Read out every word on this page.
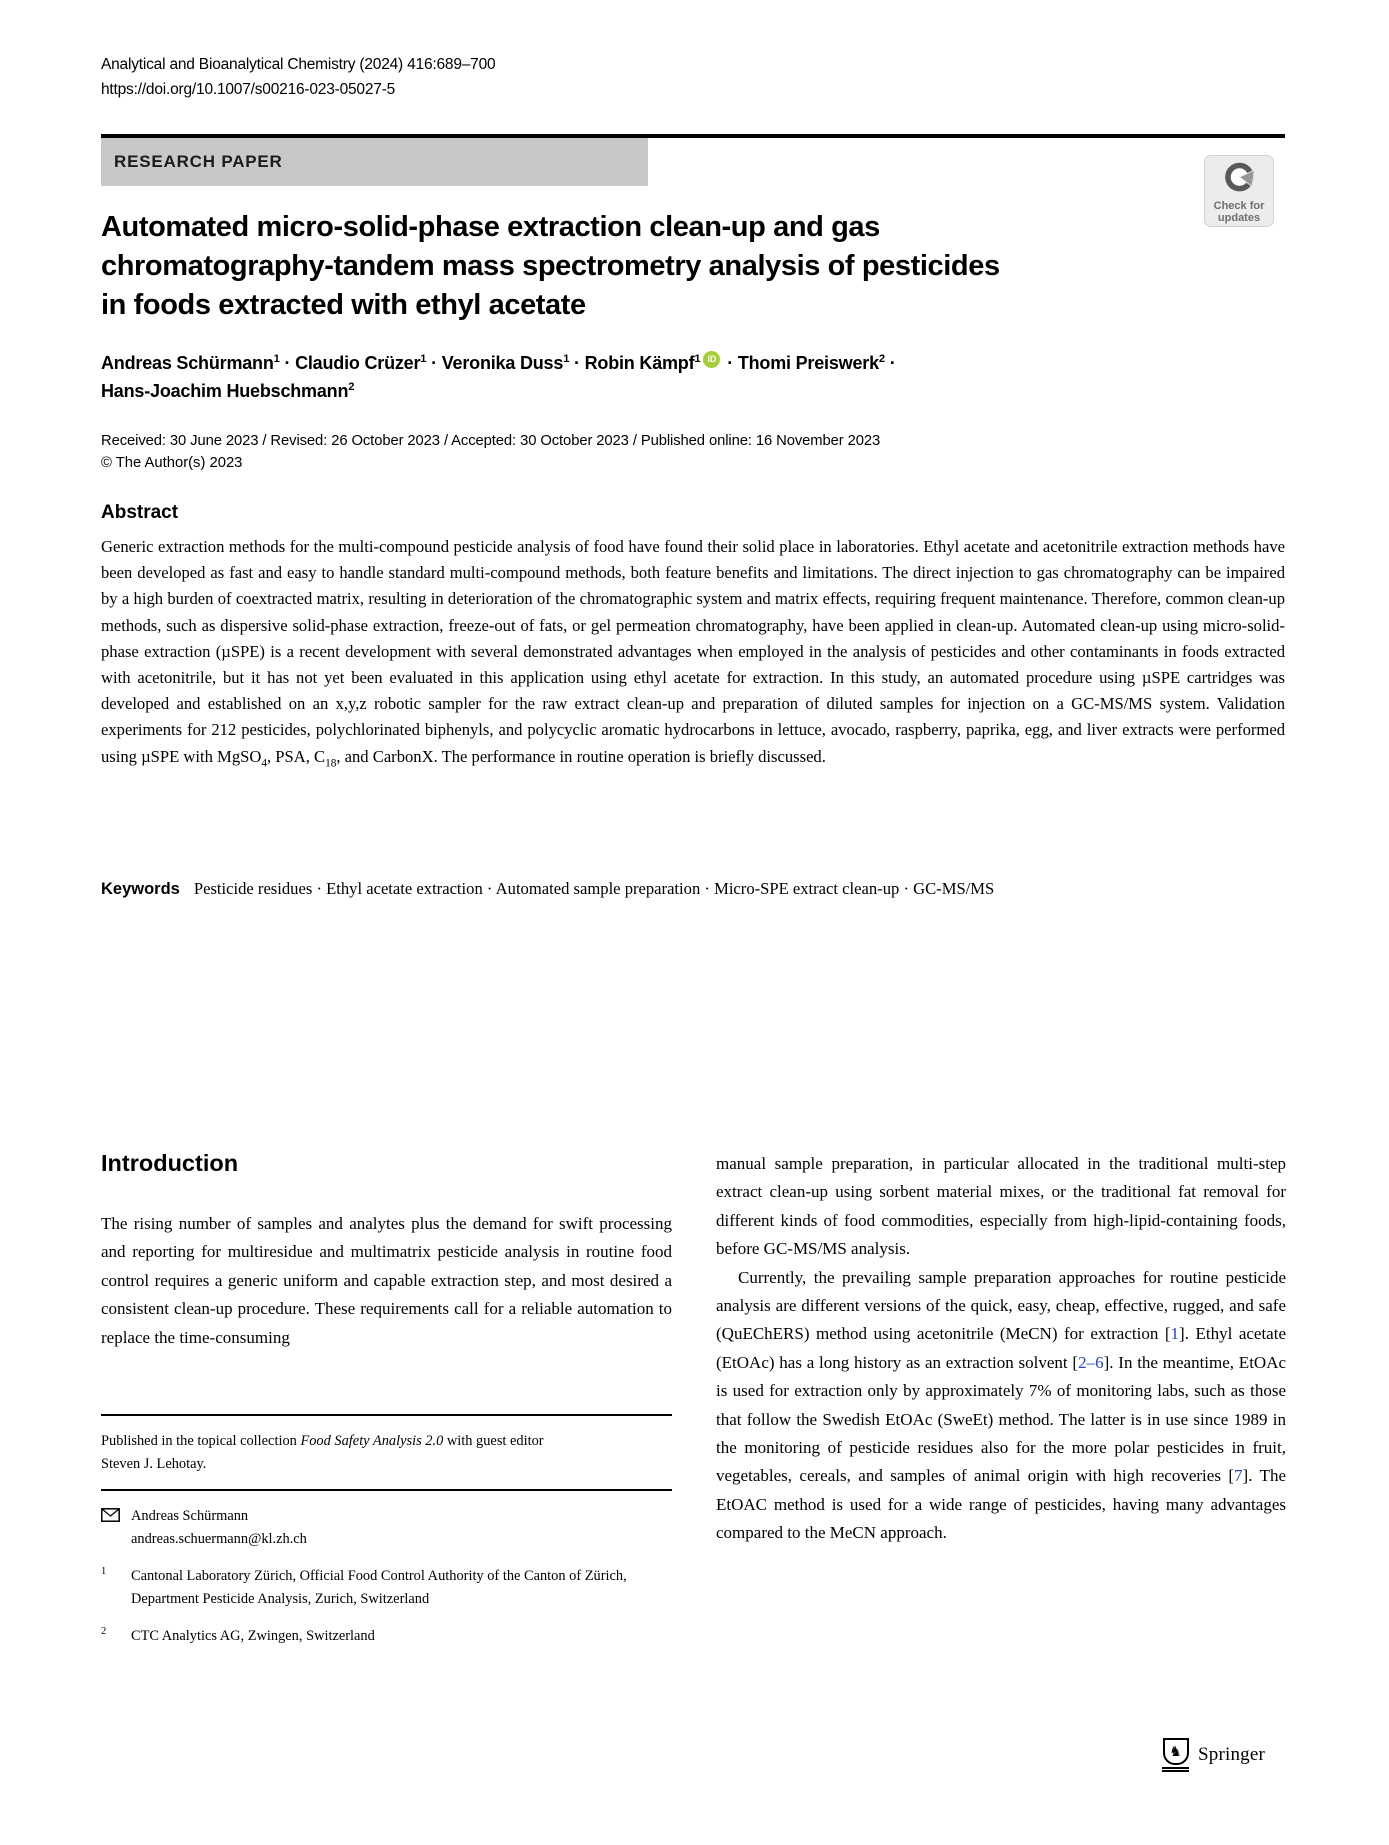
Analytical and Bioanalytical Chemistry (2024) 416:689–700
https://doi.org/10.1007/s00216-023-05027-5
RESEARCH PAPER
Check for
updates
Automated micro-solid-phase extraction clean-up and gas
chromatography-tandem mass spectrometry analysis of pesticides
in foods extracted with ethyl acetate
Andreas Schürmann$^1$ · Claudio Crüzer$^1$ · Veronika Duss$^1$ · Robin Kämpf$^1$ iD · Thomi Preiswerk$^2$ ·
Hans-Joachim Huebschmann$^2$
Received: 30 June 2023 / Revised: 26 October 2023 / Accepted: 30 October 2023 / Published online: 16 November 2023
© The Author(s) 2023
Abstract

Generic extraction methods for the multi-compound pesticide analysis of food have found their solid place in laboratories. Ethyl acetate and acetonitrile extraction methods have been developed as fast and easy to handle standard multi-compound methods, both feature benefits and limitations. The direct injection to gas chromatography can be impaired by a high burden of coextracted matrix, resulting in deterioration of the chromatographic system and matrix effects, requiring frequent maintenance. Therefore, common clean-up methods, such as dispersive solid-phase extraction, freeze-out of fats, or gel permeation chromatography, have been applied in clean-up. Automated clean-up using micro-solid-phase extraction (µSPE) is a recent development with several demonstrated advantages when employed in the analysis of pesticides and other contaminants in foods extracted with acetonitrile, but it has not yet been evaluated in this application using ethyl acetate for extraction. In this study, an automated procedure using µSPE cartridges was developed and established on an x,y,z robotic sampler for the raw extract clean-up and preparation of diluted samples for injection on a GC-MS/MS system. Validation experiments for 212 pesticides, polychlorinated biphenyls, and polycyclic aromatic hydrocarbons in lettuce, avocado, raspberry, paprika, egg, and liver extracts were performed using µSPE with MgSO$_4$, PSA, $C_{18}$, and CarbonX. The performance in routine operation is briefly discussed.

Keywords Pesticide residues · Ethyl acetate extraction · Automated sample preparation · Micro-SPE extract clean-up · GC-MS/MS
Introduction

The rising number of samples and analytes plus the demand for swift processing and reporting for multiresidue and multimatrix pesticide analysis in routine food control requires a generic uniform and capable extraction step, and most desired a consistent clean-up procedure. These requirements call for a reliable automation to replace the time-consuming

manual sample preparation, in particular allocated in the traditional multi-step extract clean-up using sorbent material mixes, or the traditional fat removal for different kinds of food commodities, especially from high-lipid-containing foods, before GC-MS/MS analysis.

Currently, the prevailing sample preparation approaches for routine pesticide analysis are different versions of the quick, easy, cheap, effective, rugged, and safe (QuEChERS) method using acetonitrile (MeCN) for extraction [1]. Ethyl acetate (EtOAc) has a long history as an extraction solvent [2–6]. In the meantime, EtOAc is used for extraction only by approximately 7% of monitoring labs, such as those that follow the Swedish EtOAc (SweEt) method. The latter is in use since 1989 in the monitoring of pesticide residues also for the more polar pesticides in fruit, vegetables, cereals, and samples of animal origin with high recoveries [7]. The EtOAC method is used for a wide range of pesticides, having many advantages compared to the MeCN approach.

Published in the topical collection Food Safety Analysis 2.0 with guest editor Steven J. Lehotay.

Andreas Schürmann
andreas.schuermann@kl.zh.ch
1	Cantonal Laboratory Zürich, Official Food Control Authority of the Canton of Zürich, Department Pesticide Analysis, Zurich, Switzerland

2	CTC Analytics AG, Zwingen, Switzerland

♞ Springer
